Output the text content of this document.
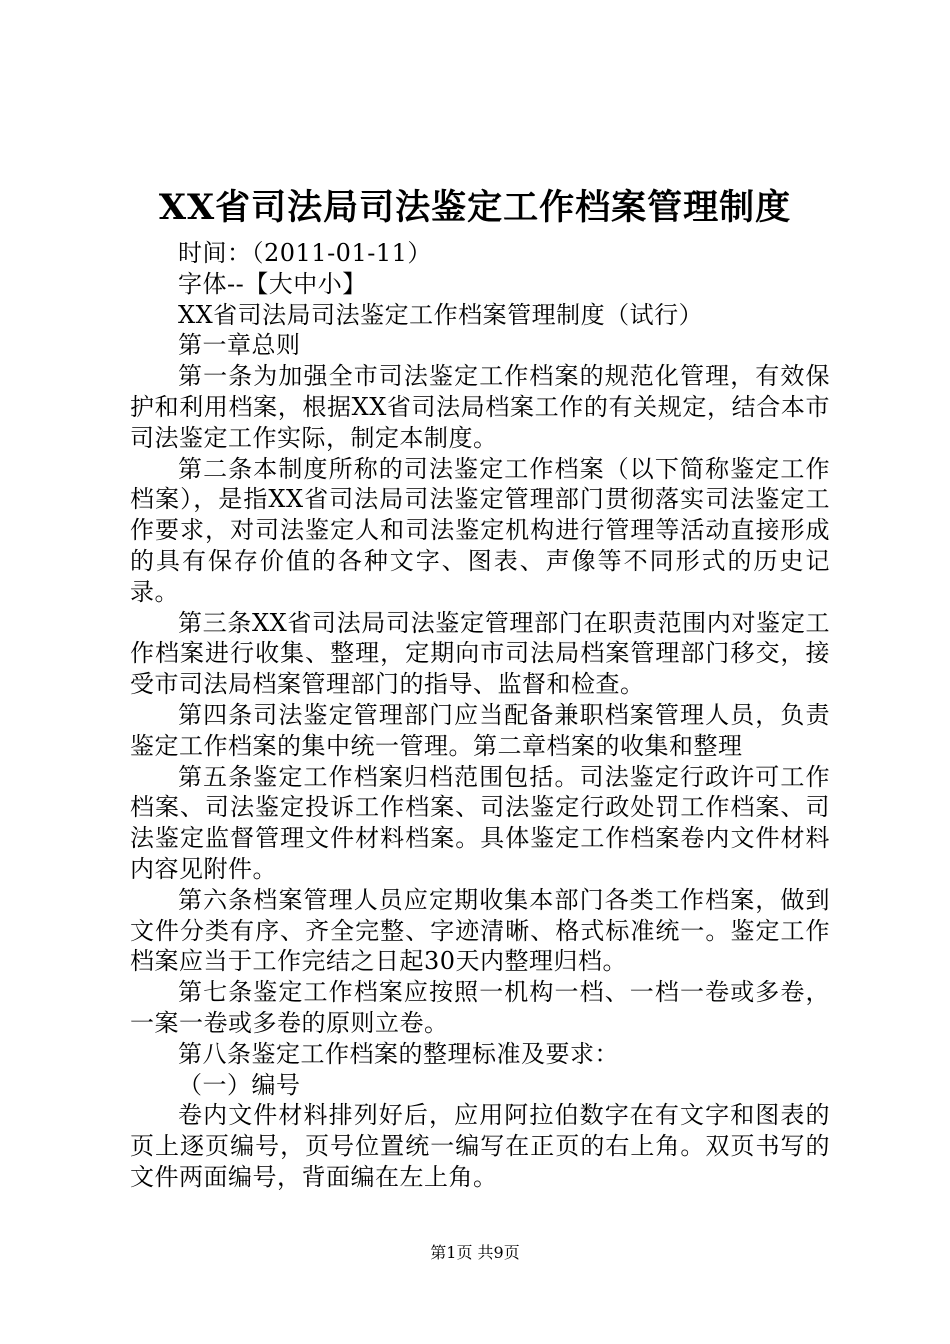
XX省司法局司法鉴定工作档案管理制度

时间：（2011-01-11）

字体--【大中小】

XX省司法局司法鉴定工作档案管理制度（试行）

第一章总则

第一条为加强全市司法鉴定工作档案的规范化管理，有效保护和利用档案，根据XX省司法局档案工作的有关规定，结合本市司法鉴定工作实际，制定本制度。

第二条本制度所称的司法鉴定工作档案（以下简称鉴定工作档案），是指XX省司法局司法鉴定管理部门贯彻落实司法鉴定工作要求，对司法鉴定人和司法鉴定机构进行管理等活动直接形成的具有保存价值的各种文字、图表、声像等不同形式的历史记录。

第三条XX省司法局司法鉴定管理部门在职责范围内对鉴定工作档案进行收集、整理，定期向市司法局档案管理部门移交，接受市司法局档案管理部门的指导、监督和检查。

第四条司法鉴定管理部门应当配备兼职档案管理人员，负责鉴定工作档案的集中统一管理。第二章档案的收集和整理

第五条鉴定工作档案归档范围包括。司法鉴定行政许可工作档案、司法鉴定投诉工作档案、司法鉴定行政处罚工作档案、司法鉴定监督管理文件材料档案。具体鉴定工作档案卷内文件材料内容见附件。

第六条档案管理人员应定期收集本部门各类工作档案，做到文件分类有序、齐全完整、字迹清晰、格式标准统一。鉴定工作档案应当于工作完结之日起30天内整理归档。

第七条鉴定工作档案应按照一机构一档、一档一卷或多卷，一案一卷或多卷的原则立卷。

第八条鉴定工作档案的整理标准及要求：

（一）编号

卷内文件材料排列好后，应用阿拉伯数字在有文字和图表的页上逐页编号，页号位置统一编写在正页的右上角。双页书写的文件两面编号，背面编在左上角。

第1页 共9页
